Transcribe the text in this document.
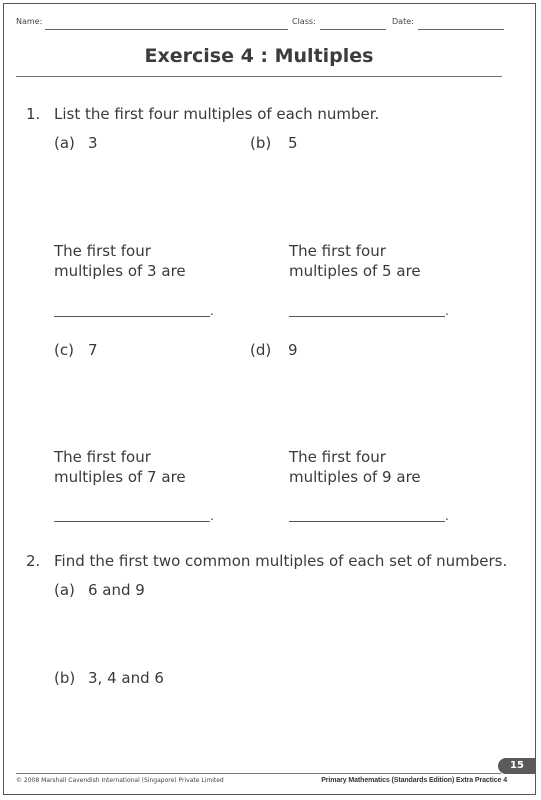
Name:	Class:	Date:
Exercise 4 : Multiples
1. List the first four multiples of each number.
(a) 3
The first four
multiples of 3 are
.
(b) 5
The first four
multiples of 5 are
.
(c) 7
The first four
multiples of 7 are
.
(d) 9
The first four
multiples of 9 are
.
2. Find the first two common multiples of each set of numbers.
(a) 6 and 9
(b) 3, 4 and 6
15
© 2008 Marshall Cavendish International (Singapore) Private Limited	Primary Mathematics (Standards Edition) Extra Practice 4
